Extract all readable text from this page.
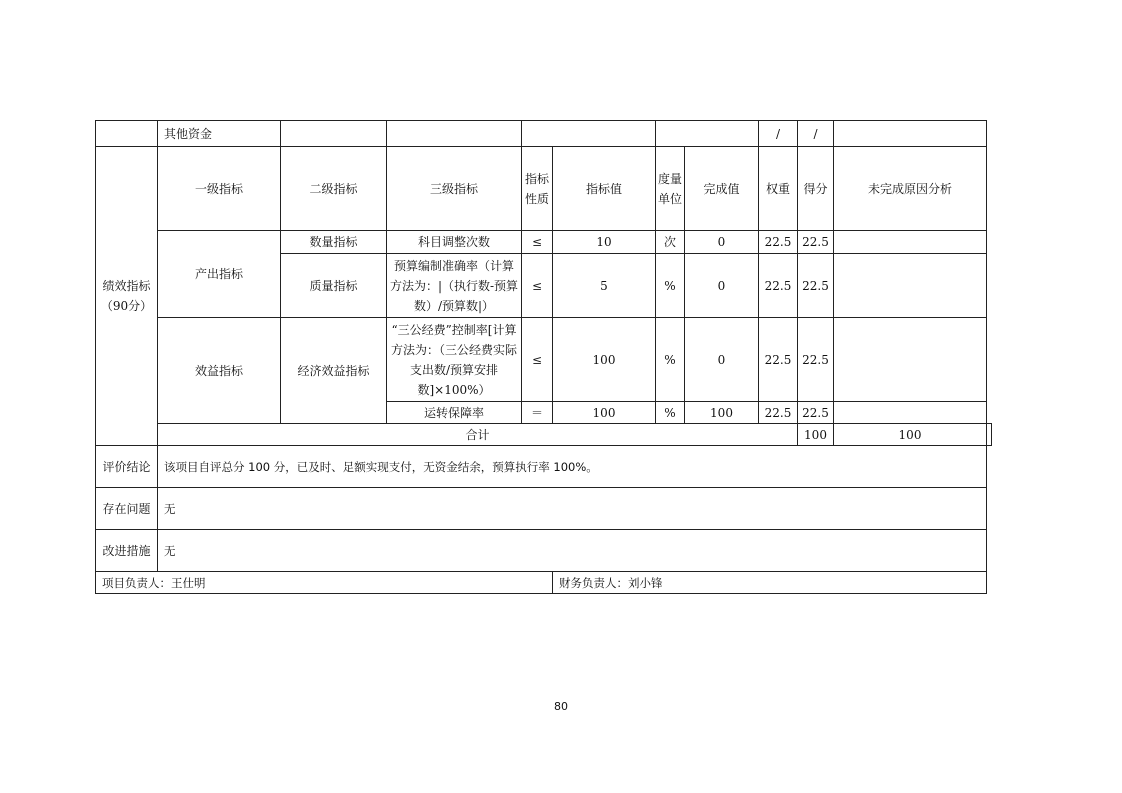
	其他资金							/	/		
绩效指标（90分）	一级指标	二级指标	三级指标	指标性质	指标值	度量单位	完成值	权重	得分	未完成原因分析	
	产出指标	数量指标	科目调整次数	≤	10	次	0	22.5	22.5		
		质量指标	预算编制准确率（计算方法为：|（执行数-预算数）/预算数|）	≤	5	%	0	22.5	22.5		
	效益指标	经济效益指标	“三公经费”控制率[计算方法为：（三公经费实际支出数/预算安排数]×100%）	≤	100	%	0	22.5	22.5		
			运转保障率	＝	100	%	100	22.5	22.5		
	合计								100	100	
评价结论	该项目自评总分 100 分，已及时、足额实现支付，无资金结余，预算执行率 100%。										
存在问题	无										
改进措施	无										
项目负责人：王仕明					财务负责人：刘小锋						
80
